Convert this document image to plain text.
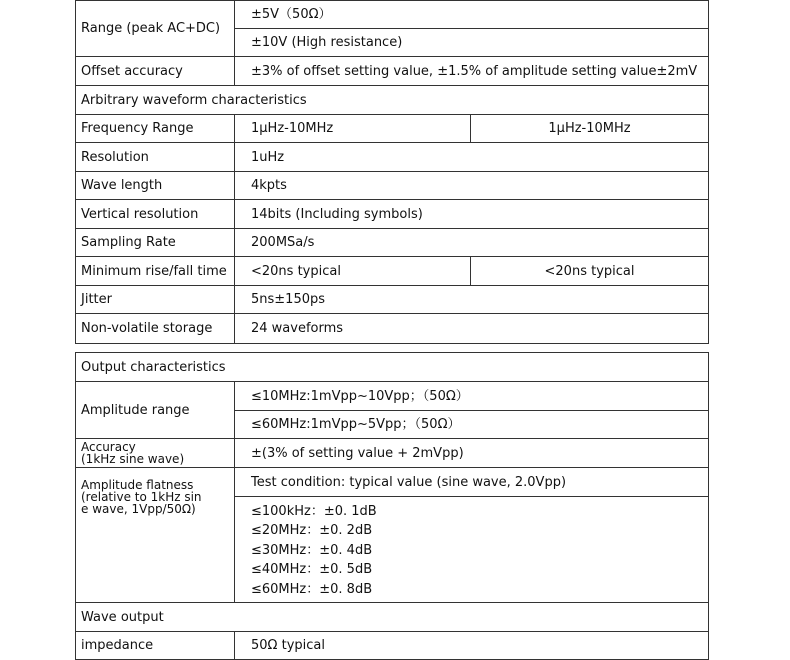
Range (peak AC+DC)	±5V（50Ω）	
	±10V (High resistance)	
Offset accuracy	±3% of offset setting value, ±1.5% of amplitude setting value±2mV	
Arbitrary waveform characteristics		
Frequency Range	1μHz-10MHz	1μHz-10MHz
Resolution	1uHz	
Wave length	4kpts	
Vertical resolution	14bits (Including symbols)	
Sampling Rate	200MSa/s	
Minimum rise/fall time	<20ns typical	<20ns typical
Jitter	5ns±150ps	
Non-volatile storage	24 waveforms	
Output characteristics	
Amplitude range	≤10MHz:1mVpp~10Vpp；（50Ω）
	≤60MHz:1mVpp~5Vpp；（50Ω）

Accuracy
(1kHz sine wave)	±(3% of setting value + 2mVpp)

Amplitude flatness
(relative to 1kHz sin
e wave, 1Vpp/50Ω)	Test condition: typical value (sine wave, 2.0Vpp)

	≤100kHz：±0. 1dB
≤20MHz：±0. 2dB
≤30MHz：±0. 4dB
≤40MHz：±0. 5dB
≤60MHz：±0. 8dB

Wave output	
impedance	50Ω typical
